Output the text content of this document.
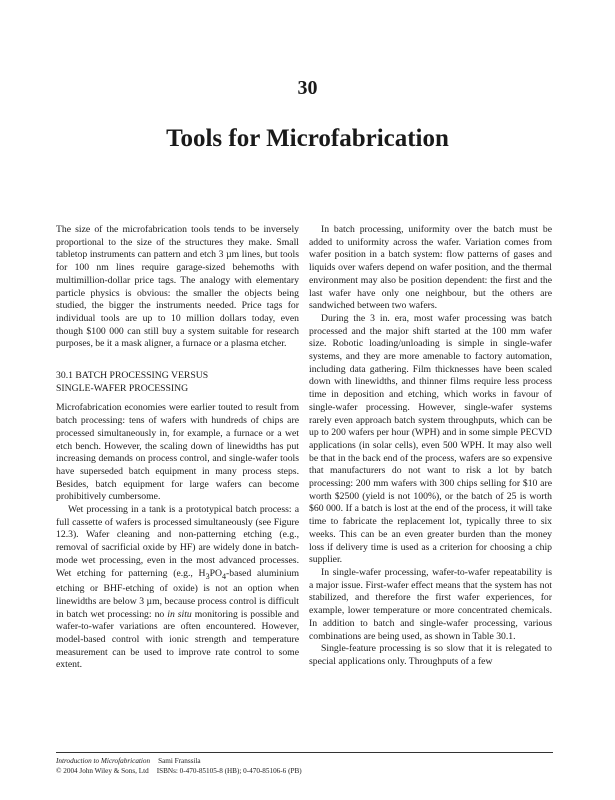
30
Tools for Microfabrication

The size of the microfabrication tools tends to be inversely proportional to the size of the structures they make. Small tabletop instruments can pattern and etch 3 µm lines, but tools for 100 nm lines require garage-sized behemoths with multimillion-dollar price tags. The analogy with elementary particle physics is obvious: the smaller the objects being studied, the bigger the instruments needed. Price tags for individual tools are up to 10 million dollars today, even though $100 000 can still buy a system suitable for research purposes, be it a mask aligner, a furnace or a plasma etcher.

30.1 BATCH PROCESSING VERSUS
SINGLE-WAFER PROCESSING

Microfabrication economies were earlier touted to result from batch processing: tens of wafers with hundreds of chips are processed simultaneously in, for example, a furnace or a wet etch bench. However, the scaling down of linewidths has put increasing demands on process control, and single-wafer tools have superseded batch equipment in many process steps. Besides, batch equipment for large wafers can become prohibitively cumbersome.

Wet processing in a tank is a prototypical batch process: a full cassette of wafers is processed simultaneously (see Figure 12.3). Wafer cleaning and non-patterning etching (e.g., removal of sacrificial oxide by HF) are widely done in batch-mode wet processing, even in the most advanced processes. Wet etching for patterning (e.g., $H_3PO_4$-based aluminium etching or BHF-etching of oxide) is not an option when linewidths are below 3 µm, because process control is difficult in batch wet processing: no in situ monitoring is possible and wafer-to-wafer variations are often encountered. However, model-based control with ionic strength and temperature measurement can be used to improve rate control to some extent.

In batch processing, uniformity over the batch must be added to uniformity across the wafer. Variation comes from wafer position in a batch system: flow patterns of gases and liquids over wafers depend on wafer position, and the thermal environment may also be position dependent: the first and the last wafer have only one neighbour, but the others are sandwiched between two wafers.

During the 3 in. era, most wafer processing was batch processed and the major shift started at the 100 mm wafer size. Robotic loading/unloading is simple in single-wafer systems, and they are more amenable to factory automation, including data gathering. Film thicknesses have been scaled down with linewidths, and thinner films require less process time in deposition and etching, which works in favour of single-wafer processing. However, single-wafer systems rarely even approach batch system throughputs, which can be up to 200 wafers per hour (WPH) and in some simple PECVD applications (in solar cells), even 500 WPH. It may also well be that in the back end of the process, wafers are so expensive that manufacturers do not want to risk a lot by batch processing: 200 mm wafers with 300 chips selling for $10 are worth $2500 (yield is not 100%), or the batch of 25 is worth $60 000. If a batch is lost at the end of the process, it will take time to fabricate the replacement lot, typically three to six weeks. This can be an even greater burden than the money loss if delivery time is used as a criterion for choosing a chip supplier.

In single-wafer processing, wafer-to-wafer repeatability is a major issue. First-wafer effect means that the system has not stabilized, and therefore the first wafer experiences, for example, lower temperature or more concentrated chemicals. In addition to batch and single-wafer processing, various combinations are being used, as shown in Table 30.1.

Single-feature processing is so slow that it is relegated to special applications only. Throughputs of a few

Introduction to Microfabrication Sami Franssila
© 2004 John Wiley & Sons, Ltd ISBNs: 0-470-85105-8 (HB); 0-470-85106-6 (PB)
